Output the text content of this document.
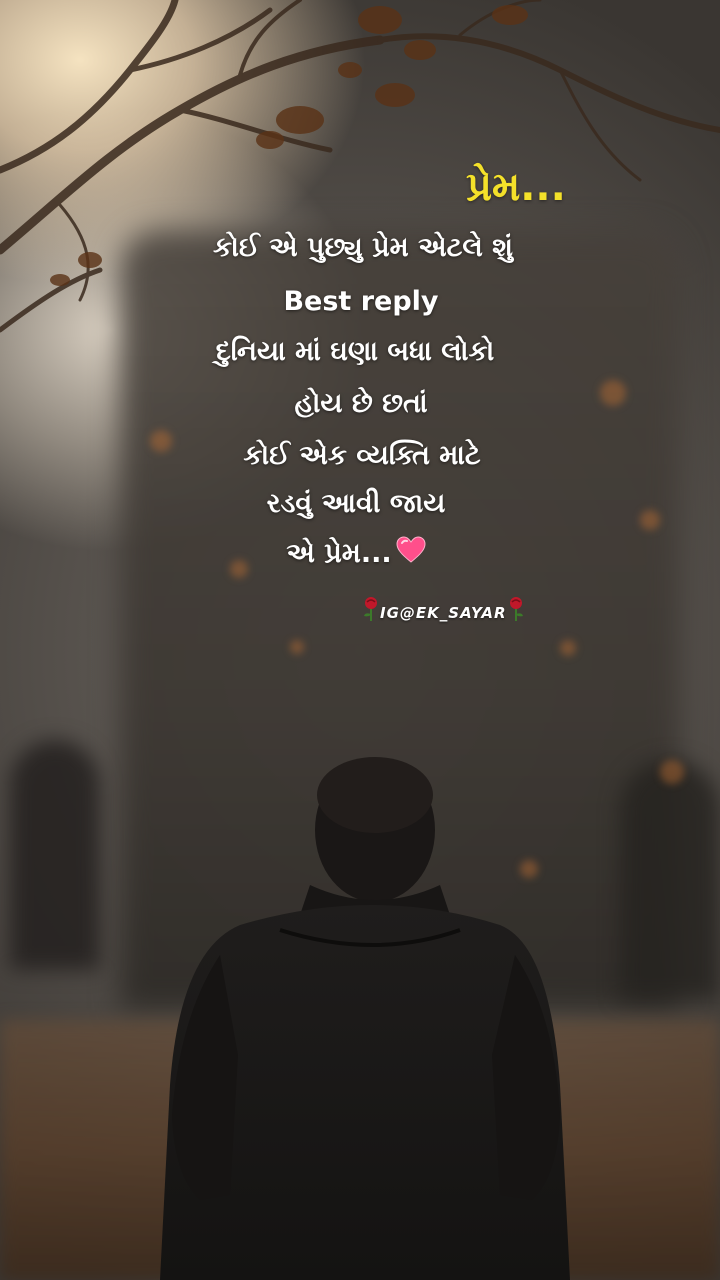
પ્રેમ...
કોઈ એ પુછ્યુ પ્રેમ એટલે શું
Best reply
દુનિયા માં ઘણા બધા લોકો
હોય છે છતાં
કોઈ એક વ્યક્તિ માટે
રડવું આવી જાય
એ પ્રેમ...
IG@EK_SAYAR
